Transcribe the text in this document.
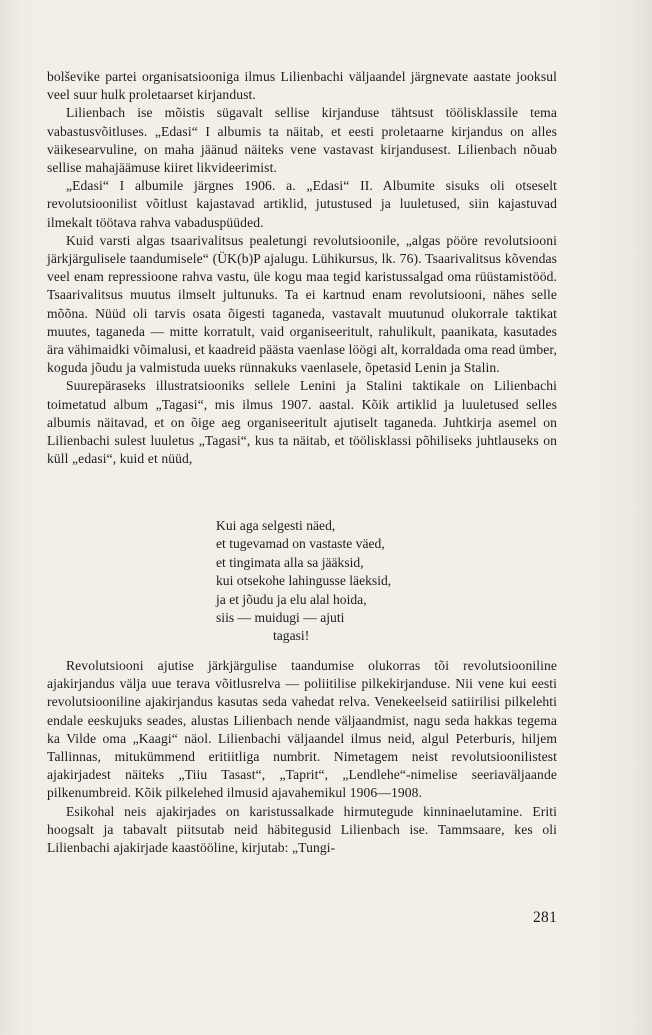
bolševike partei organisatsiooniga ilmus Lilienbachi väljaandel järgnevate aastate jooksul veel suur hulk proletaarset kirjandust.

Lilienbach ise mõistis sügavalt sellise kirjanduse tähtsust töölisklassile tema vabastusvõitluses. „Edasi“ I albumis ta näitab, et eesti proletaarne kirjandus on alles väikesearvuline, on maha jäänud näiteks vene vastavast kirjandusest. Lilienbach nõuab sellise mahajäämuse kiiret likvideerimist.

„Edasi“ I albumile järgnes 1906. a. „Edasi“ II. Albumite sisuks oli otseselt revolutsioonilist võitlust kajastavad artiklid, jutustused ja luuletused, siin kajastuvad ilmekalt töötava rahva vabaduspüüded.

Kuid varsti algas tsaarivalitsus pealetungi revolutsioonile, „algas pööre revolutsiooni järkjärgulisele taandumisele“ (ÜK(b)P ajalugu. Lühikursus, lk. 76). Tsaarivalitsus kõvendas veel enam repressioone rahva vastu, üle kogu maa tegid karistussalgad oma rüüstamistööd. Tsaarivalitsus muutus ilmselt jultunuks. Ta ei kartnud enam revolutsiooni, nähes selle mõõna. Nüüd oli tarvis osata õigesti taganeda, vastavalt muutunud olukorrale taktikat muutes, taganeda — mitte korratult, vaid organiseeritult, rahulikult, paanikata, kasutades ära vähimaidki võimalusi, et kaadreid päästa vaenlase löögi alt, korraldada oma read ümber, koguda jõudu ja valmistuda uueks rünnakuks vaenlasele, õpetasid Lenin ja Stalin.

Suurepäraseks illustratsiooniks sellele Lenini ja Stalini taktikale on Lilienbachi toimetatud album „Tagasi“, mis ilmus 1907. aastal. Kõik artiklid ja luuletused selles albumis näitavad, et on õige aeg organiseeritult ajutiselt taganeda. Juhtkirja asemel on Lilienbachi sulest luuletus „Tagasi“, kus ta näitab, et töölisklassi põhiliseks juhtlauseks on küll „edasi“, kuid et nüüd,

Kui aga selgesti näed,
et tugevamad on vastaste väed,
et tingimata alla sa jääksid,
kui otsekohe lahingusse läeksid,
ja et jõudu ja elu alal hoida,
siis — muidugi — ajuti
tagasi!

Revolutsiooni ajutise järkjärgulise taandumise olukorras tõi revolutsiooniline ajakirjandus välja uue terava võitlusrelva — poliitilise pilkekirjanduse. Nii vene kui eesti revolutsiooniline ajakirjandus kasutas seda vahedat relva. Venekeelseid satiirilisi pilkelehti endale eeskujuks seades, alustas Lilienbach nende väljaandmist, nagu seda hakkas tegema ka Vilde oma „Kaagi“ näol. Lilienbachi väljaandel ilmus neid, algul Peterburis, hiljem Tallinnas, mitukümmend eritiitliga numbrit. Nimetagem neist revolutsioonilistest ajakirjadest näiteks „Tiiu Tasast“, „Taprit“, „Lendlehe“-nimelise seeriaväljaande pilkenumbreid. Kõik pilkelehed ilmusid ajavahemikul 1906—1908.

Esikohal neis ajakirjades on karistussalkade hirmutegude kinninaelutamine. Eriti hoogsalt ja tabavalt piitsutab neid häbitegusid Lilienbach ise. Tammsaare, kes oli Lilienbachi ajakirjade kaastööline, kirjutab: „Tungi-

281
